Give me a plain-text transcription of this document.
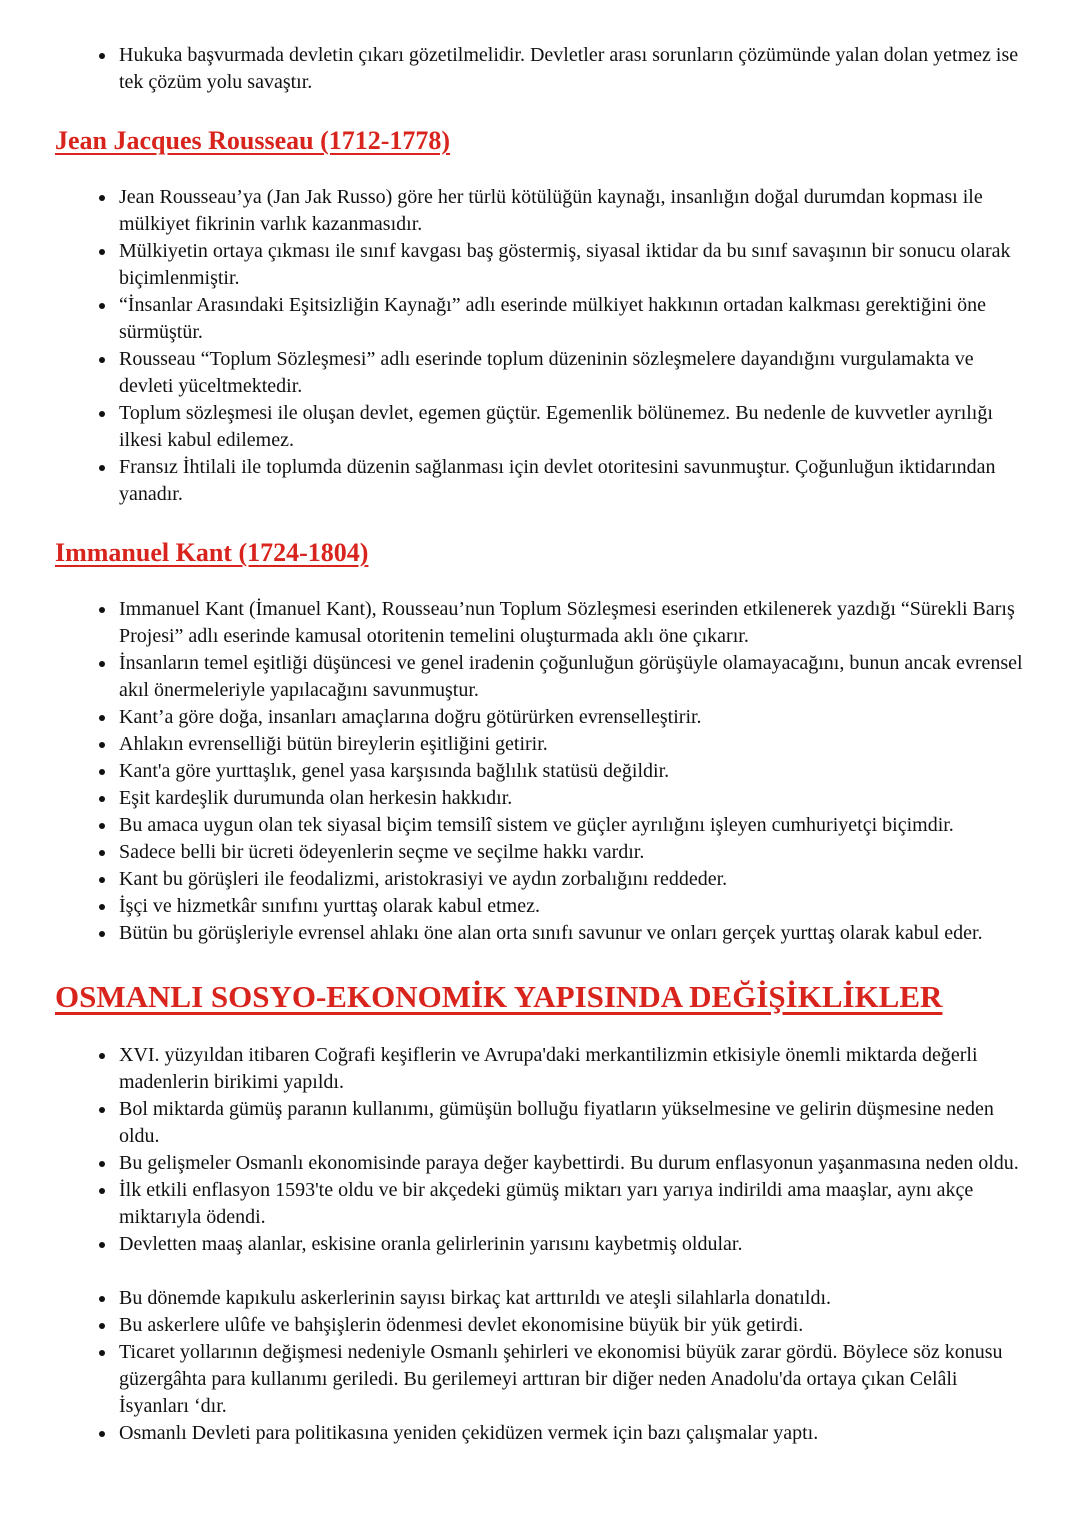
• Hukuka başvurmada devletin çıkarı gözetilmelidir. Devletler arası sorunların çözümünde yalan dolan yetmez ise tek çözüm yolu savaştır.
Jean Jacques Rousseau (1712-1778)
• Jean Rousseau’ya (Jan Jak Russo) göre her türlü kötülüğün kaynağı, insanlığın doğal durumdan kopması ile mülkiyet fikrinin varlık kazanmasıdır.
• Mülkiyetin ortaya çıkması ile sınıf kavgası baş göstermiş, siyasal iktidar da bu sınıf savaşının bir sonucu olarak biçimlenmiştir.
• “İnsanlar Arasındaki Eşitsizliğin Kaynağı” adlı eserinde mülkiyet hakkının ortadan kalkması gerektiğini öne sürmüştür.
• Rousseau “Toplum Sözleşmesi” adlı eserinde toplum düzeninin sözleşmelere dayandığını vurgulamakta ve devleti yüceltmektedir.
• Toplum sözleşmesi ile oluşan devlet, egemen güçtür. Egemenlik bölünemez. Bu nedenle de kuvvetler ayrılığı ilkesi kabul edilemez.
• Fransız İhtilali ile toplumda düzenin sağlanması için devlet otoritesini savunmuştur. Çoğunluğun iktidarından yanadır.
Immanuel Kant (1724-1804)
• Immanuel Kant (İmanuel Kant), Rousseau’nun Toplum Sözleşmesi eserinden etkilenerek yazdığı “Sürekli Barış Projesi” adlı eserinde kamusal otoritenin temelini oluşturmada aklı öne çıkarır.
• İnsanların temel eşitliği düşüncesi ve genel iradenin çoğunluğun görüşüyle olamayacağını, bunun ancak evrensel akıl önermeleriyle yapılacağını savunmuştur.
• Kant’a göre doğa, insanları amaçlarına doğru götürürken evrenselleştirir.
• Ahlakın evrenselliği bütün bireylerin eşitliğini getirir.
• Kant'a göre yurttaşlık, genel yasa karşısında bağlılık statüsü değildir.
• Eşit kardeşlik durumunda olan herkesin hakkıdır.
• Bu amaca uygun olan tek siyasal biçim temsilî sistem ve güçler ayrılığını işleyen cumhuriyetçi biçimdir.
• Sadece belli bir ücreti ödeyenlerin seçme ve seçilme hakkı vardır.
• Kant bu görüşleri ile feodalizmi, aristokrasiyi ve aydın zorbalığını reddeder.
• İşçi ve hizmetkâr sınıfını yurttaş olarak kabul etmez.
• Bütün bu görüşleriyle evrensel ahlakı öne alan orta sınıfı savunur ve onları gerçek yurttaş olarak kabul eder.
OSMANLI SOSYO-EKONOMİK YAPISINDA DEĞİŞİKLİKLER
• XVI. yüzyıldan itibaren Coğrafi keşiflerin ve Avrupa'daki merkantilizmin etkisiyle önemli miktarda değerli madenlerin birikimi yapıldı.
• Bol miktarda gümüş paranın kullanımı, gümüşün bolluğu fiyatların yükselmesine ve gelirin düşmesine neden oldu.
• Bu gelişmeler Osmanlı ekonomisinde paraya değer kaybettirdi. Bu durum enflasyonun yaşanmasına neden oldu.
• İlk etkili enflasyon 1593'te oldu ve bir akçedeki gümüş miktarı yarı yarıya indirildi ama maaşlar, aynı akçe miktarıyla ödendi.
• Devletten maaş alanlar, eskisine oranla gelirlerinin yarısını kaybetmiş oldular.
• Bu dönemde kapıkulu askerlerinin sayısı birkaç kat arttırıldı ve ateşli silahlarla donatıldı.
• Bu askerlere ulûfe ve bahşişlerin ödenmesi devlet ekonomisine büyük bir yük getirdi.
• Ticaret yollarının değişmesi nedeniyle Osmanlı şehirleri ve ekonomisi büyük zarar gördü. Böylece söz konusu güzergâhta para kullanımı geriledi. Bu gerilemeyi arttıran bir diğer neden Anadolu'da ortaya çıkan Celâli İsyanları ‘dır.
• Osmanlı Devleti para politikasına yeniden çekidüzen vermek için bazı çalışmalar yaptı.
